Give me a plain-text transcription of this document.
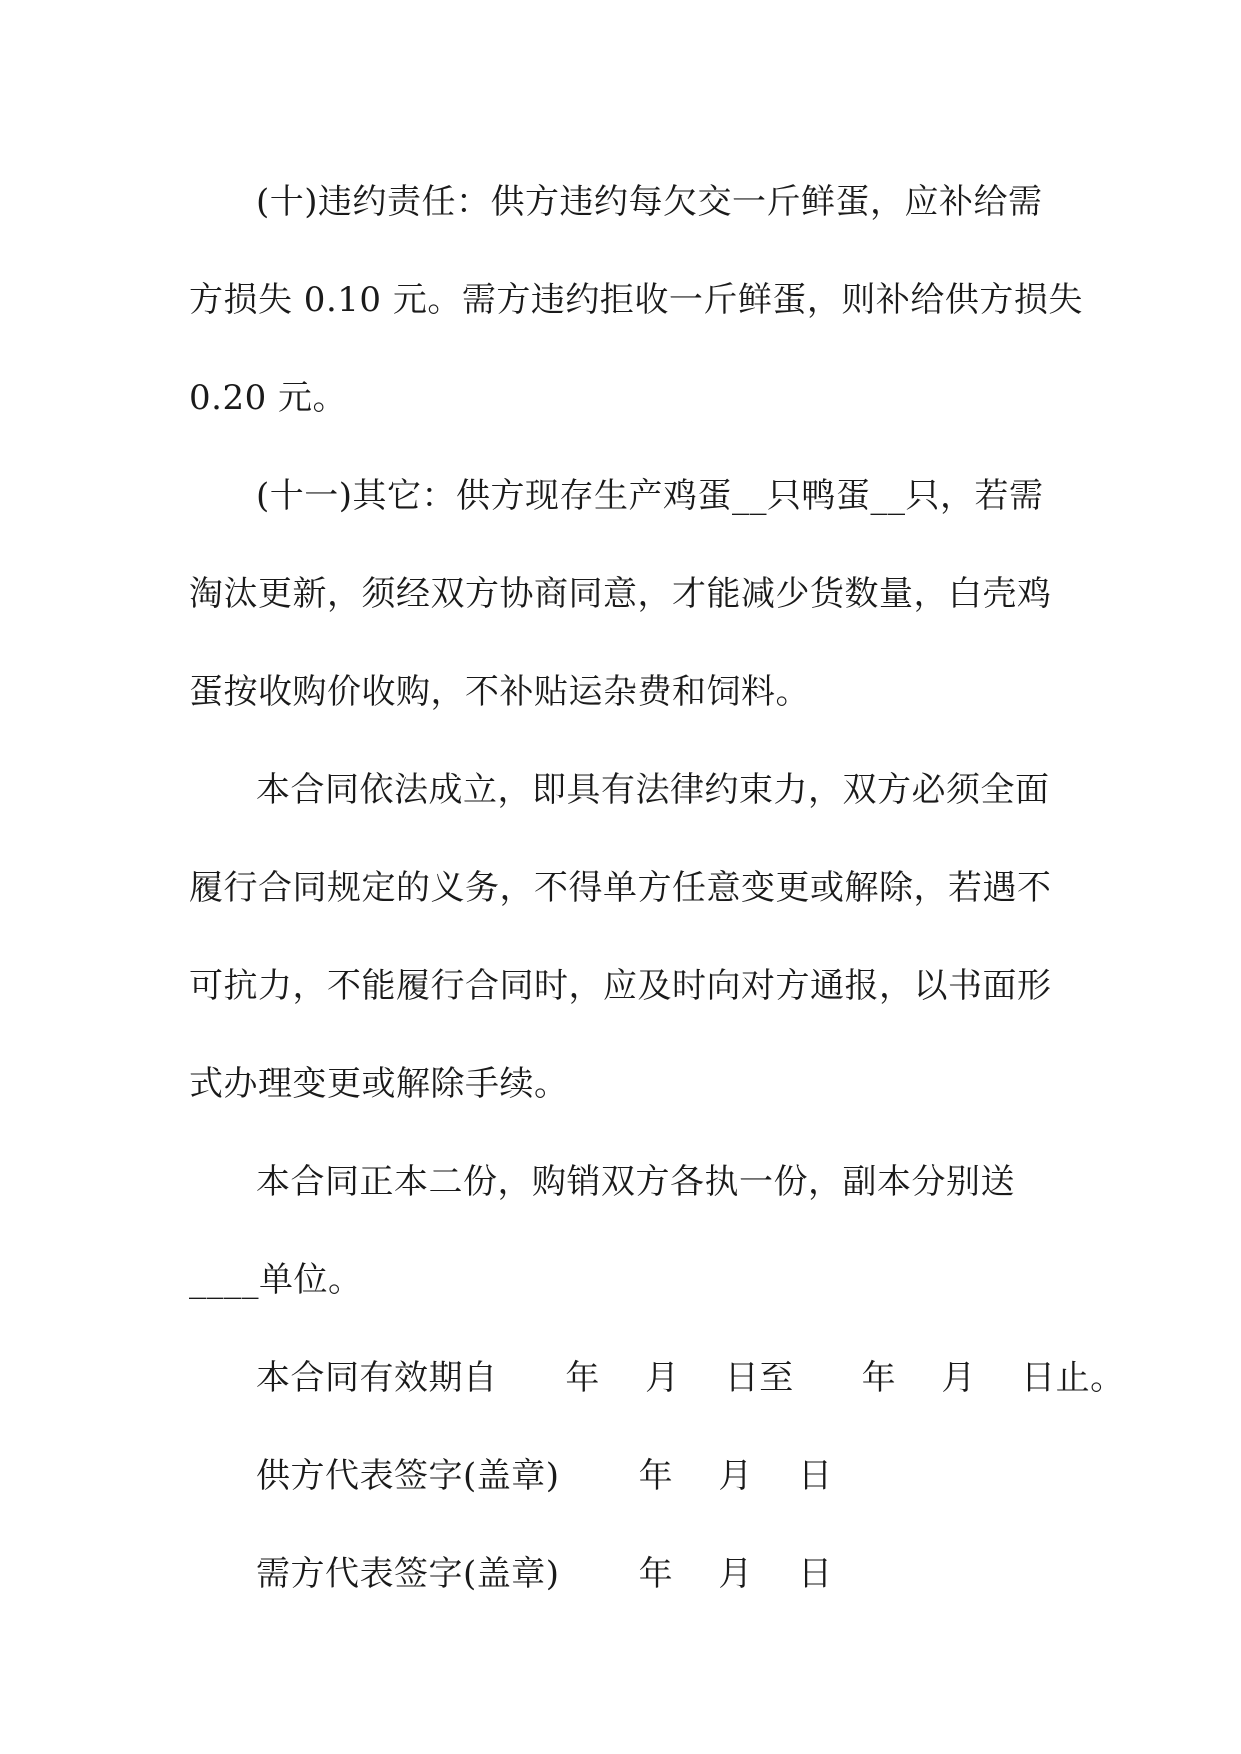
(十)违约责任：供方违约每欠交一斤鲜蛋，应补给需
方损失 0.10 元。需方违约拒收一斤鲜蛋，则补给供方损失
0.20 元。
(十一)其它：供方现存生产鸡蛋__只鸭蛋__只，若需
淘汰更新，须经双方协商同意，才能减少货数量，白壳鸡
蛋按收购价收购，不补贴运杂费和饲料。
本合同依法成立，即具有法律约束力，双方必须全面
履行合同规定的义务，不得单方任意变更或解除，若遇不
可抗力，不能履行合同时，应及时向对方通报，以书面形
式办理变更或解除手续。
本合同正本二份，购销双方各执一份，副本分别送
____单位。
本合同有效期自      年    月    日至      年    月    日止。
供方代表签字(盖章)       年    月    日
需方代表签字(盖章)       年    月    日
